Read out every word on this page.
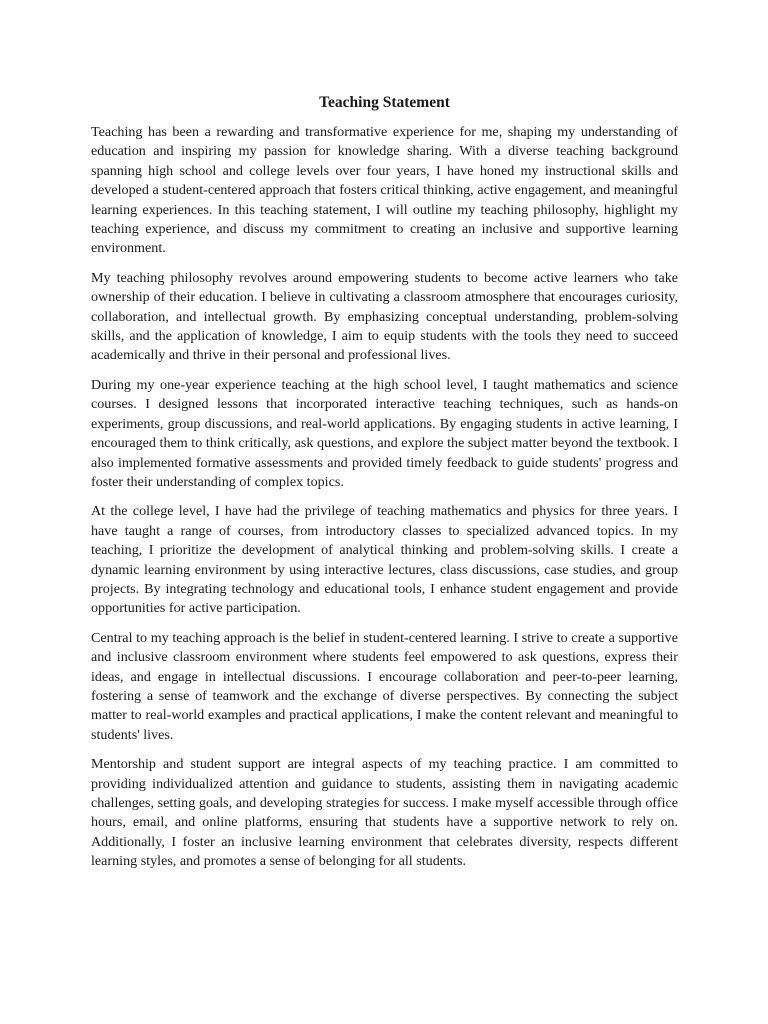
Teaching Statement

Teaching has been a rewarding and transformative experience for me, shaping my understanding of education and inspiring my passion for knowledge sharing. With a diverse teaching background spanning high school and college levels over four years, I have honed my instructional skills and developed a student-centered approach that fosters critical thinking, active engagement, and meaningful learning experiences. In this teaching statement, I will outline my teaching philosophy, highlight my teaching experience, and discuss my commitment to creating an inclusive and supportive learning environment.

My teaching philosophy revolves around empowering students to become active learners who take ownership of their education. I believe in cultivating a classroom atmosphere that encourages curiosity, collaboration, and intellectual growth. By emphasizing conceptual understanding, problem-solving skills, and the application of knowledge, I aim to equip students with the tools they need to succeed academically and thrive in their personal and professional lives.

During my one-year experience teaching at the high school level, I taught mathematics and science courses. I designed lessons that incorporated interactive teaching techniques, such as hands-on experiments, group discussions, and real-world applications. By engaging students in active learning, I encouraged them to think critically, ask questions, and explore the subject matter beyond the textbook. I also implemented formative assessments and provided timely feedback to guide students' progress and foster their understanding of complex topics.

At the college level, I have had the privilege of teaching mathematics and physics for three years. I have taught a range of courses, from introductory classes to specialized advanced topics. In my teaching, I prioritize the development of analytical thinking and problem-solving skills. I create a dynamic learning environment by using interactive lectures, class discussions, case studies, and group projects. By integrating technology and educational tools, I enhance student engagement and provide opportunities for active participation.

Central to my teaching approach is the belief in student-centered learning. I strive to create a supportive and inclusive classroom environment where students feel empowered to ask questions, express their ideas, and engage in intellectual discussions. I encourage collaboration and peer-to-peer learning, fostering a sense of teamwork and the exchange of diverse perspectives. By connecting the subject matter to real-world examples and practical applications, I make the content relevant and meaningful to students' lives.

Mentorship and student support are integral aspects of my teaching practice. I am committed to providing individualized attention and guidance to students, assisting them in navigating academic challenges, setting goals, and developing strategies for success. I make myself accessible through office hours, email, and online platforms, ensuring that students have a supportive network to rely on. Additionally, I foster an inclusive learning environment that celebrates diversity, respects different learning styles, and promotes a sense of belonging for all students.
